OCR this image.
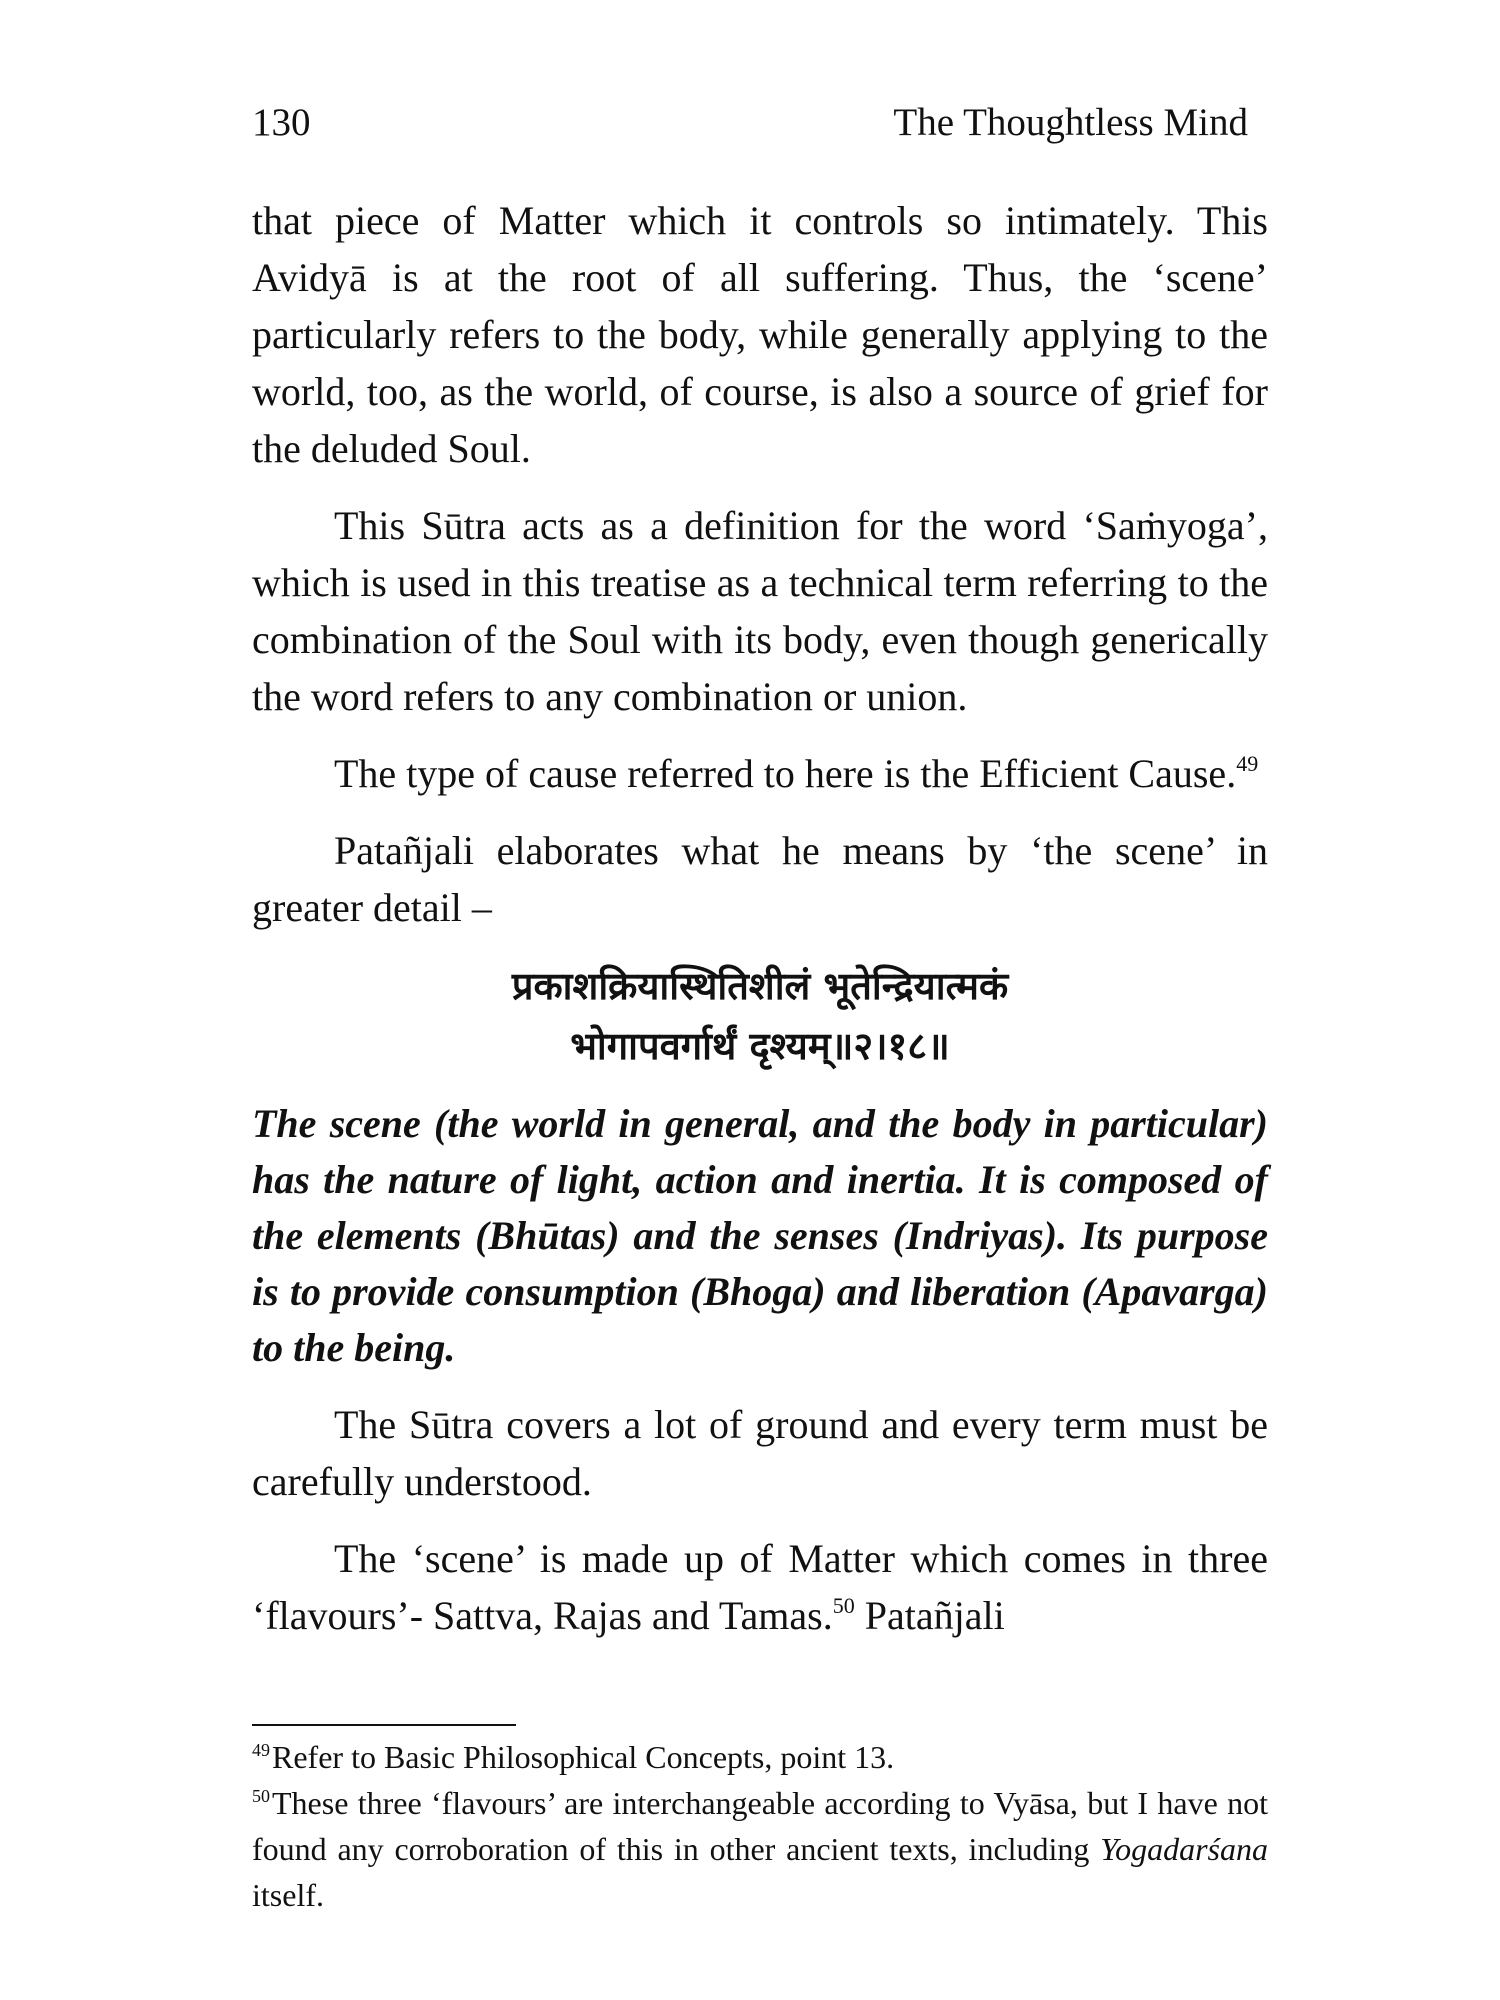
130	The Thoughtless Mind

that piece of Matter which it controls so intimately. This Avidyā is at the root of all suffering. Thus, the ‘scene’ particularly refers to the body, while generally applying to the world, too, as the world, of course, is also a source of grief for the deluded Soul.

This Sūtra acts as a definition for the word ‘Saṁyoga’, which is used in this treatise as a technical term referring to the combination of the Soul with its body, even though generically the word refers to any combination or union.

The type of cause referred to here is the Efficient Cause.$^{49}$

Patañjali elaborates what he means by ‘the scene’ in greater detail –

प्रकाशक्रियास्थितिशीलं भूतेन्द्रियात्मकं
भोगापवर्गार्थं दृश्यम्॥२।१८॥

The scene (the world in general, and the body in particular) has the nature of light, action and inertia. It is composed of the elements (Bhūtas) and the senses (Indriyas). Its purpose is to provide consumption (Bhoga) and liberation (Apavarga) to the being.

The Sūtra covers a lot of ground and every term must be carefully understood.

The ‘scene’ is made up of Matter which comes in three ‘flavours’- Sattva, Rajas and Tamas.$^{50}$ Patañjali

$^{49}$Refer to Basic Philosophical Concepts, point 13.

$^{50}$These three ‘flavours’ are interchangeable according to Vyāsa, but I have not found any corroboration of this in other ancient texts, including Yogadarśana itself.
